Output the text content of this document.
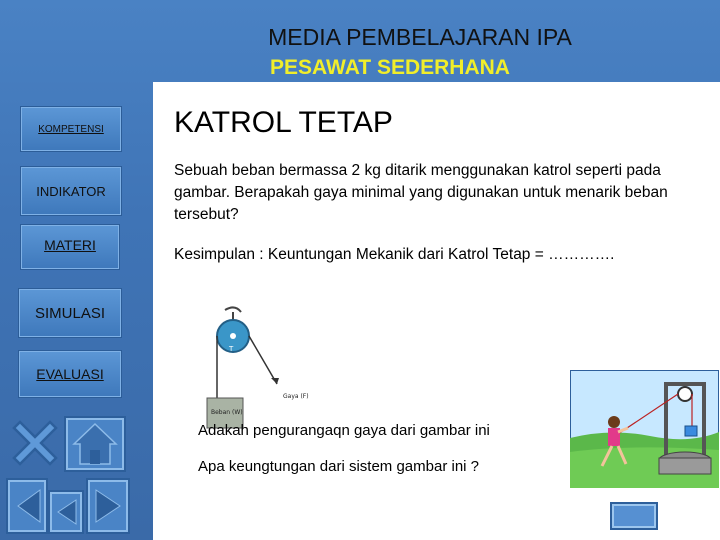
MEDIA PEMBELAJARAN IPA
PESAWAT SEDERHANA
KOMPETENSI
INDIKATOR
MATERI
SIMULASI
EVALUASI
KATROL TETAP

Sebuah beban bermassa 2 kg ditarik menggunakan katrol seperti pada gambar. Berapakah gaya minimal yang digunakan untuk menarik beban tersebut?

Kesimpulan : Keuntungan Mekanik dari Katrol Tetap = ………….

T
Beban (W)
Gaya (F)

Adakah pengurangaqn gaya dari gambar ini

Apa keungtungan dari sistem gambar ini ?
